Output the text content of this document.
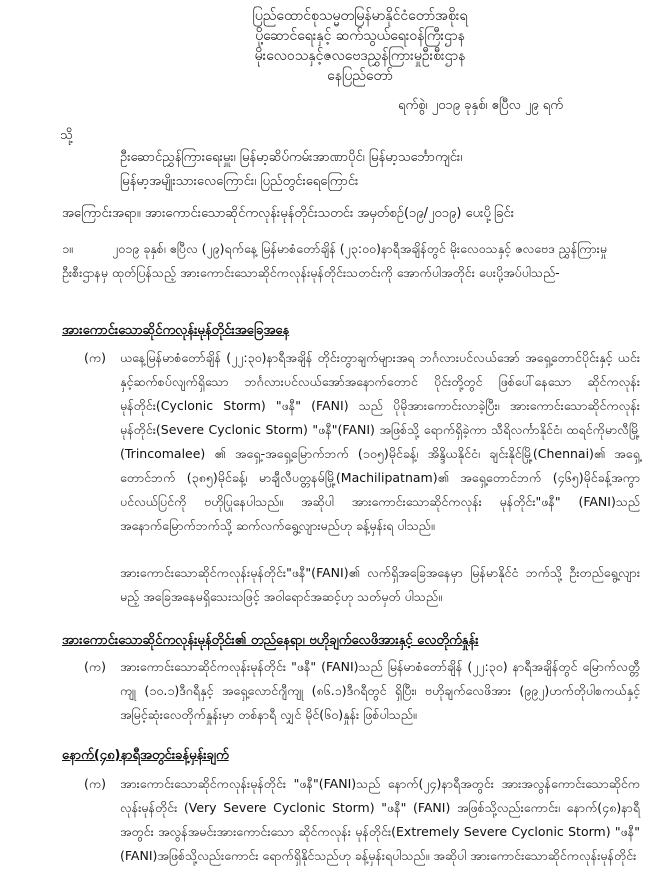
ပြည်ထောင်စုသမ္မတမြန်မာနိုင်ငံတော်အစိုးရ
ပို့ဆောင်ရေးနှင့် ဆက်သွယ်ရေးဝန်ကြီးဌာန
မိုးလေဝသနှင့်ဇလဗေဒညွှန်ကြားမှုဦးစီးဌာန
နေပြည်တော်
ရက်စွဲ၊ ၂၀၁၉ ခုနှစ်၊ ဧပြီလ ၂၉ ရက်
သို့
ဦးဆောင်ညွှန်ကြားရေးမှူး၊ မြန်မာ့ဆိပ်ကမ်းအာဏာပိုင်၊ မြန်မာ့သင်္ဘောကျင်း၊
မြန်မာ့အမျိုးသားလေကြောင်း၊ ပြည်တွင်းရေကြောင်း
အကြောင်းအရာ။ အားကောင်းသောဆိုင်ကလုန်းမုန်တိုင်းသတင်း အမှတ်စဉ်(၁၉/၂၀၁၉) ပေးပို့ခြင်း
၁။	၂၀၁၉ ခုနှစ်၊ ဧပြီလ (၂၉)ရက်နေ့ မြန်မာစံတော်ချိန် (၂၃:၀၀)နာရီအချိန်တွင် မိုးလေဝသနှင့် ဇလဗေဒ ညွှန်ကြားမှုဦးစီးဌာနမှ ထုတ်ပြန်သည့် အားကောင်းသောဆိုင်ကလုန်းမုန်တိုင်းသတင်းကို အောက်ပါအတိုင်း ပေးပို့အပ်ပါသည်-
အားကောင်းသောဆိုင်ကလုန်းမုန်တိုင်းအခြေအနေ
(က) ယနေ့မြန်မာစံတော်ချိန် (၂၂:၃၀)နာရီအချိန် တိုင်းတွာချက်များအရ ဘင်္ဂလားပင်လယ်အော် အရှေ့တောင်ပိုင်းနှင့် ယင်းနှင့်ဆက်စပ်လျက်ရှိသော ဘင်္ဂလားပင်လယ်အော်အနောက်တောင် ပိုင်းတို့တွင် ဖြစ်ပေါ်နေသော ဆိုင်ကလုန်းမုန်တိုင်း(Cyclonic Storm) "ဖနီ" (FANI) သည် ပိုမိုအားကောင်းလာခဲ့ပြီး၊ အားကောင်းသောဆိုင်ကလုန်းမုန်တိုင်း(Severe Cyclonic Storm) "ဖနီ"(FANI) အဖြစ်သို့ ရောက်ရှိခဲ့ကာ သီရိလင်္ကာနိုင်ငံ၊ ထရင်ကိုမာလီမြို့ (Trincomalee) ၏ အရှေ့-အရှေ့မြောက်ဘက် (၁၀၅)မိုင်ခန့်၊ အိန္ဒိယနိုင်ငံ၊ ချင်းနိုင်မြို့(Chennai)၏ အရှေ့ တောင်ဘက် (၃၈၅)မိုင်ခန့်၊ မာချီလီပတ္တနမ်မြို့(Machilipatnam)၏ အရှေ့တောင်ဘက် (၄၆၅)မိုင်ခန့်အကွာ ပင်လယ်ပြင်ကို ဗဟိုပြုနေပါသည်။ အဆိုပါ အားကောင်းသောဆိုင်ကလုန်း မုန်တိုင်း"ဖနီ" (FANI)သည် အနောက်မြောက်ဘက်သို့ ဆက်လက်ရွေ့လျားမည်ဟု ခန့်မှန်းရ ပါသည်။
အားကောင်းသောဆိုင်ကလုန်းမုန်တိုင်း"ဖနီ"(FANI)၏ လက်ရှိအခြေအနေမှာ မြန်မာနိုင်ငံ ဘက်သို့ ဦးတည်ရွေ့လျားမည့် အခြေအနေမရှိသေးသဖြင့် အဝါရောင်အဆင့်ဟု သတ်မှတ် ပါသည်။
အားကောင်းသောဆိုင်ကလုန်းမုန်တိုင်း၏ တည်နေရာ၊ ဗဟိုချက်လေဖိအားနှင့် လေတိုက်နှုန်း
(က) အားကောင်းသောဆိုင်ကလုန်းမုန်တိုင်း "ဖနီ" (FANI)သည် မြန်မာစံတော်ချိန် (၂၂:၃၀) နာရီအချိန်တွင် မြောက်လတ္တီကျု (၁၀.၁)ဒီဂရီနှင့် အရှေ့လောင်ဂျီကျု (၈၆.၁)ဒီဂရီတွင် ရှိပြီး၊ ဗဟိုချက်လေဖိအား (၉၉၂)ဟက်တိုပါစကယ်နှင့် အမြင့်ဆုံးလေတိုက်နှုန်းမှာ တစ်နာရီ လျှင် မိုင်(၆၀)နှုန်း ဖြစ်ပါသည်။
နောက်(၄၈)နာရီအတွင်းခန့်မှန်းချက်
(က) အားကောင်းသောဆိုင်ကလုန်းမုန်တိုင်း "ဖနီ"(FANI)သည် နောက်(၂၄)နာရီအတွင်း အားအလွန်ကောင်းသောဆိုင်ကလုန်းမုန်တိုင်း (Very Severe Cyclonic Storm) "ဖနီ" (FANI) အဖြစ်သို့လည်းကောင်း၊ နောက်(၄၈)နာရီအတွင်း အလွန်အမင်းအားကောင်းသော ဆိုင်ကလုန်း မုန်တိုင်း(Extremely Severe Cyclonic Storm) "ဖနီ"(FANI)အဖြစ်သို့လည်းကောင်း ရောက်ရှိနိုင်သည်ဟု ခန့်မှန်းရပါသည်။ အဆိုပါ အားကောင်းသောဆိုင်ကလုန်းမုန်တိုင်း
